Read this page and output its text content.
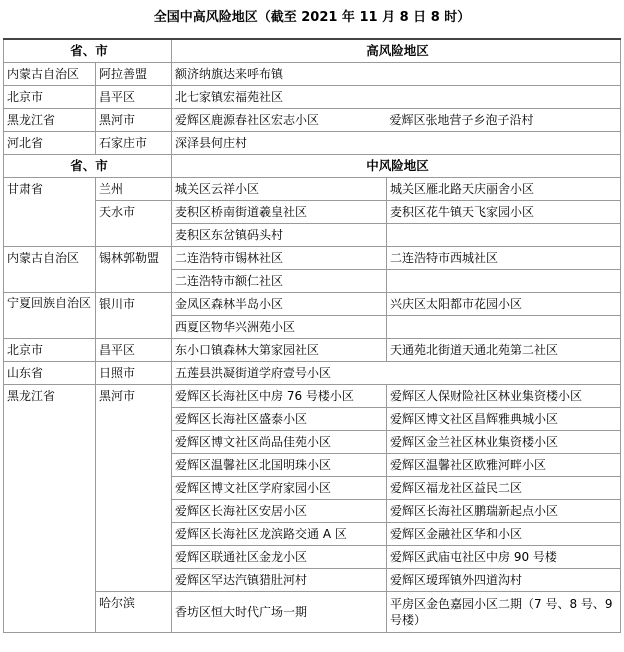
全国中高风险地区（截至 2021 年 11 月 8 日 8 时）
省、市		高风险地区	
内蒙古自治区	阿拉善盟	额济纳旗达来呼布镇	
北京市	昌平区	北七家镇宏福苑社区	
黑龙江省	黑河市	爱辉区鹿源春社区宏志小区	爱辉区张地营子乡泡子沿村
河北省	石家庄市	深泽县何庄村	
省、市		中风险地区	
甘肃省	兰州	城关区云祥小区	城关区雁北路天庆丽舍小区
	天水市	麦积区桥南街道羲皇社区	麦积区花牛镇天飞家园小区
		麦积区东岔镇码头村	
内蒙古自治区	锡林郭勒盟	二连浩特市锡林社区	二连浩特市西城社区
		二连浩特市额仁社区	
宁夏回族自治区	银川市	金凤区森林半岛小区	兴庆区太阳都市花园小区
		西夏区物华兴洲苑小区	
北京市	昌平区	东小口镇森林大第家园社区	天通苑北街道天通北苑第二社区
山东省	日照市	五莲县洪凝街道学府壹号小区	
黑龙江省	黑河市	爱辉区长海社区中房 76 号楼小区	爱辉区人保财险社区林业集资楼小区
		爱辉区长海社区盛泰小区	爱辉区博文社区昌辉雅典城小区
		爱辉区博文社区尚品佳苑小区	爱辉区金兰社区林业集资楼小区
		爱辉区温馨社区北国明珠小区	爱辉区温馨社区欧雅河畔小区
		爱辉区博文社区学府家园小区	爱辉区福龙社区益民二区
		爱辉区长海社区安居小区	爱辉区长海社区鹏瑞新起点小区
		爱辉区长海社区龙滨路交通 A 区	爱辉区金融社区华和小区
		爱辉区联通社区金龙小区	爱辉区武庙屯社区中房 90 号楼
		爱辉区罕达汽镇猎肚河村	爱辉区瑷珲镇外四道沟村
	哈尔滨	香坊区恒大时代广场一期	平房区金色嘉园小区二期（7 号、8 号、9 号楼）
